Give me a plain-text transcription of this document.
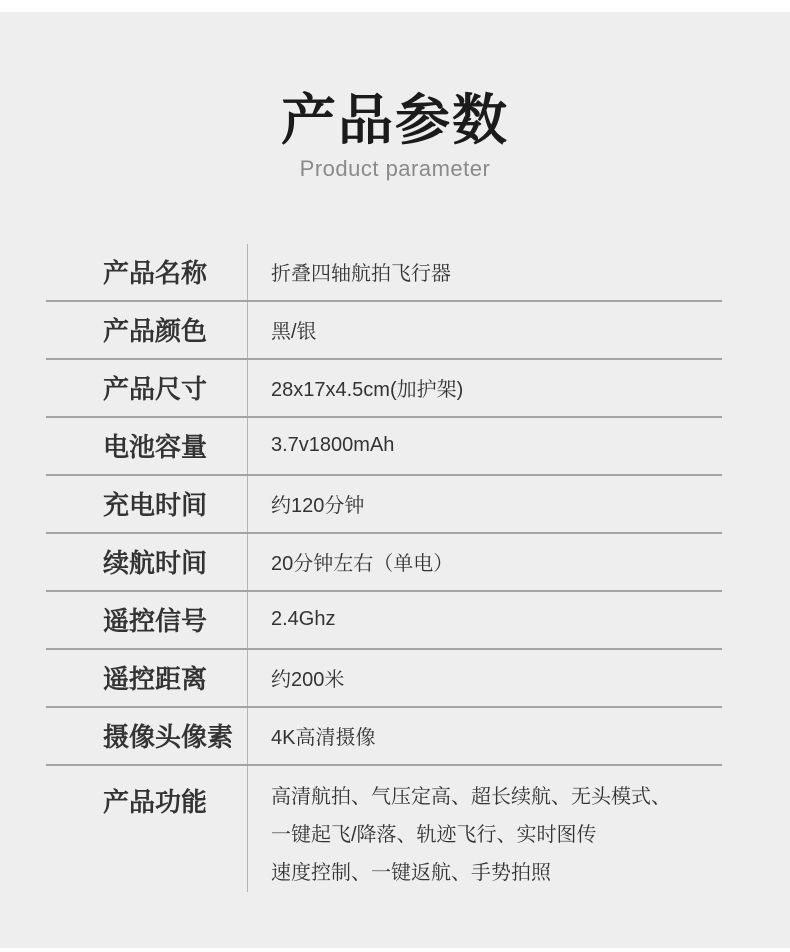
产品参数
Product parameter
产品名称	折叠四轴航拍飞行器
产品颜色	黑/银
产品尺寸	28x17x4.5cm(加护架)
电池容量	3.7v1800mAh
充电时间	约120分钟
续航时间	20分钟左右（单电）
遥控信号	2.4Ghz
遥控距离	约200米
摄像头像素	4K高清摄像
产品功能	高清航拍、气压定高、超长续航、无头模式、
一键起飞/降落、轨迹飞行、实时图传
速度控制、一键返航、手势拍照
